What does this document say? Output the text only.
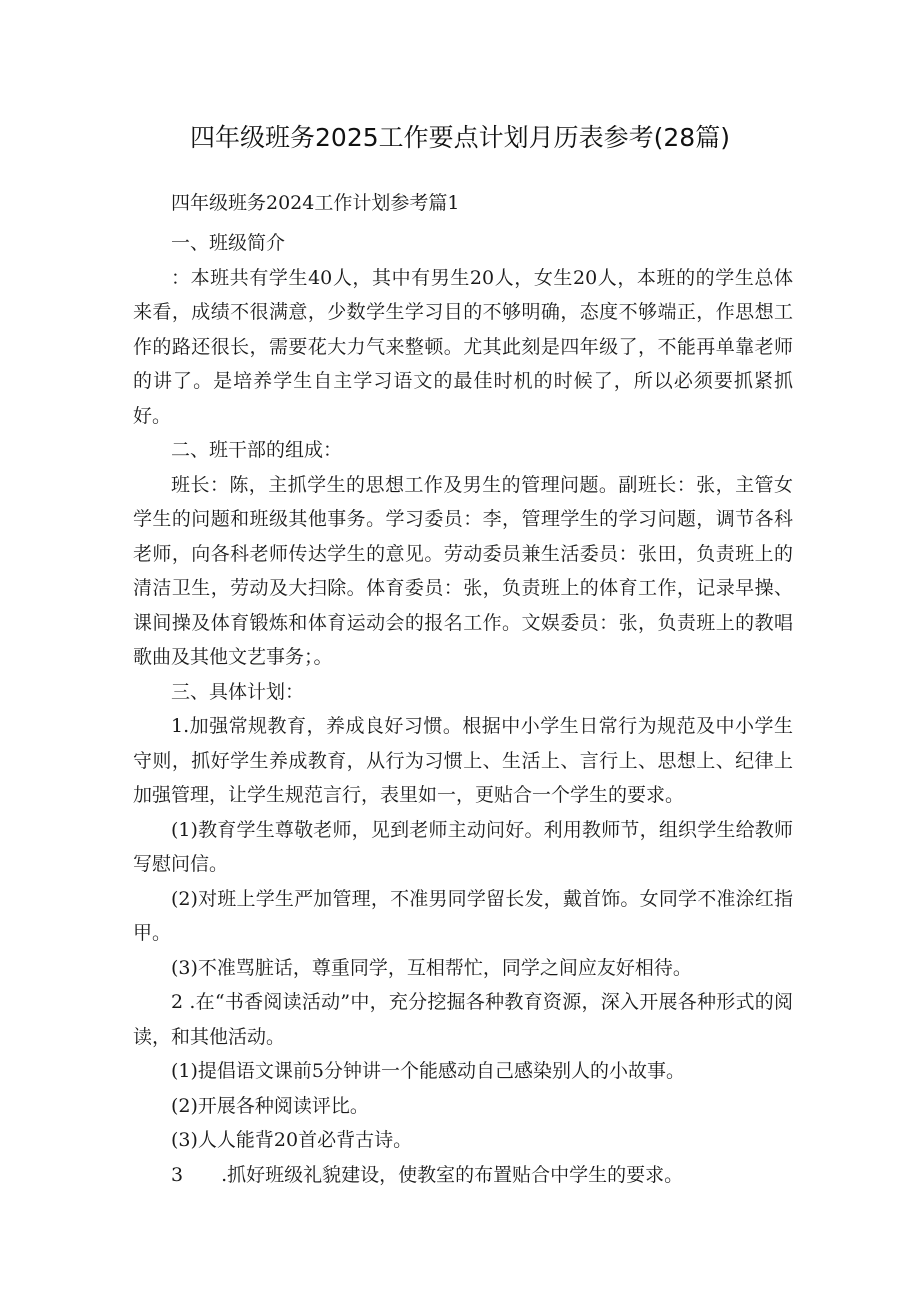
四年级班务2025工作要点计划月历表参考(28篇)

四年级班务2024工作计划参考篇1

一、班级简介

：本班共有学生40人，其中有男生20人，女生20人，本班的的学生总体来看，成绩不很满意，少数学生学习目的不够明确，态度不够端正，作思想工作的路还很长，需要花大力气来整顿。尤其此刻是四年级了，不能再单靠老师的讲了。是培养学生自主学习语文的最佳时机的时候了，所以必须要抓紧抓好。

二、班干部的组成：

班长：陈，主抓学生的思想工作及男生的管理问题。副班长：张，主管女学生的问题和班级其他事务。学习委员：李，管理学生的学习问题，调节各科老师，向各科老师传达学生的意见。劳动委员兼生活委员：张田，负责班上的清洁卫生，劳动及大扫除。体育委员：张，负责班上的体育工作，记录早操、课间操及体育锻炼和体育运动会的报名工作。文娱委员：张，负责班上的教唱歌曲及其他文艺事务；。

三、具体计划：

1.加强常规教育，养成良好习惯。根据中小学生日常行为规范及中小学生守则，抓好学生养成教育，从行为习惯上、生活上、言行上、思想上、纪律上加强管理，让学生规范言行，表里如一，更贴合一个学生的要求。

(1)教育学生尊敬老师，见到老师主动问好。利用教师节，组织学生给教师写慰问信。

(2)对班上学生严加管理，不准男同学留长发，戴首饰。女同学不准涂红指甲。

(3)不准骂脏话，尊重同学，互相帮忙，同学之间应友好相待。

2 .在“书香阅读活动”中，充分挖掘各种教育资源，深入开展各种形式的阅读，和其他活动。

(1)提倡语文课前5分钟讲一个能感动自己感染别人的小故事。

(2)开展各种阅读评比。

(3)人人能背20首必背古诗。

3　　.抓好班级礼貌建设，使教室的布置贴合中学生的要求。
